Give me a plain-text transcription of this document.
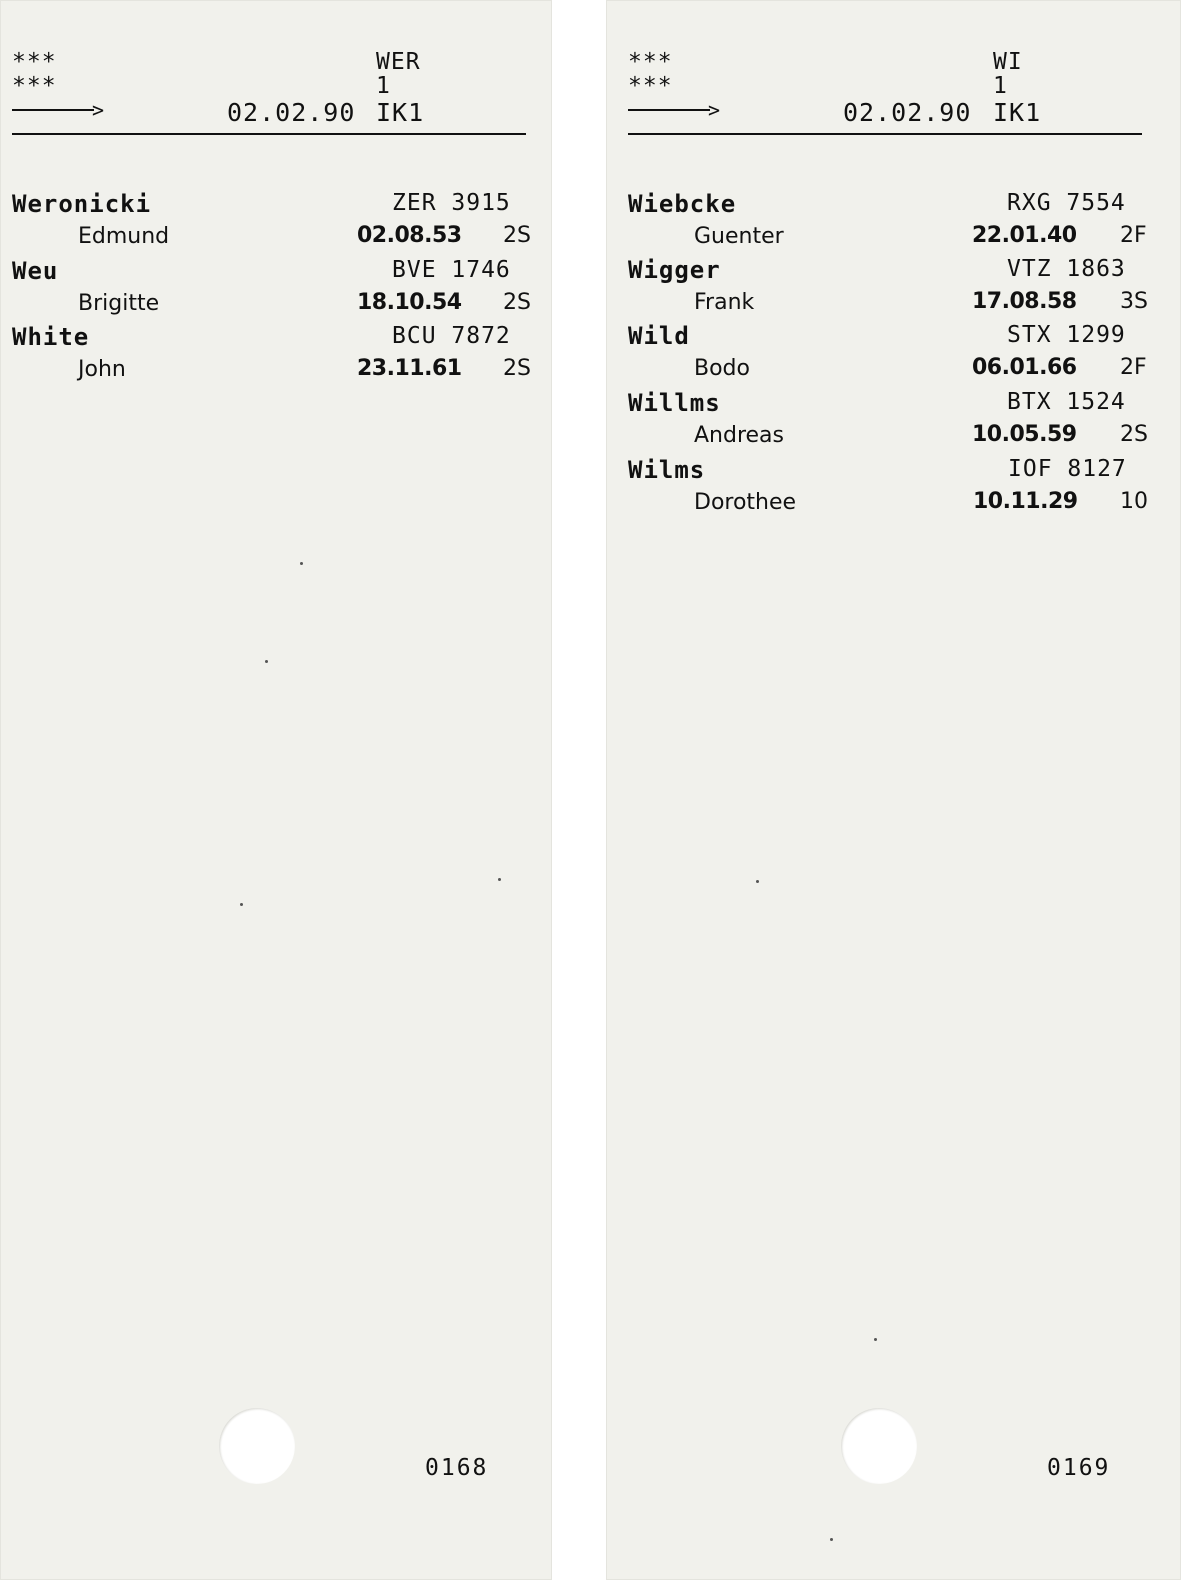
***
***
WER
1
>	02.02.90 IK1
Weronicki	ZER 3915
Edmund	02.08.53 2S
Weu	BVE 1746
Brigitte	18.10.54 2S
White	BCU 7872
John	23.11.61 2S
0168
***
***
WI
1
>	02.02.90 IK1
Wiebcke	RXG 7554
Guenter	22.01.40 2F
Wigger	VTZ 1863
Frank	17.08.58 3S
Wild	STX 1299
Bodo	06.01.66 2F
Willms	BTX 1524
Andreas	10.05.59 2S
Wilms	IOF 8127
Dorothee	10.11.29 10
0169
